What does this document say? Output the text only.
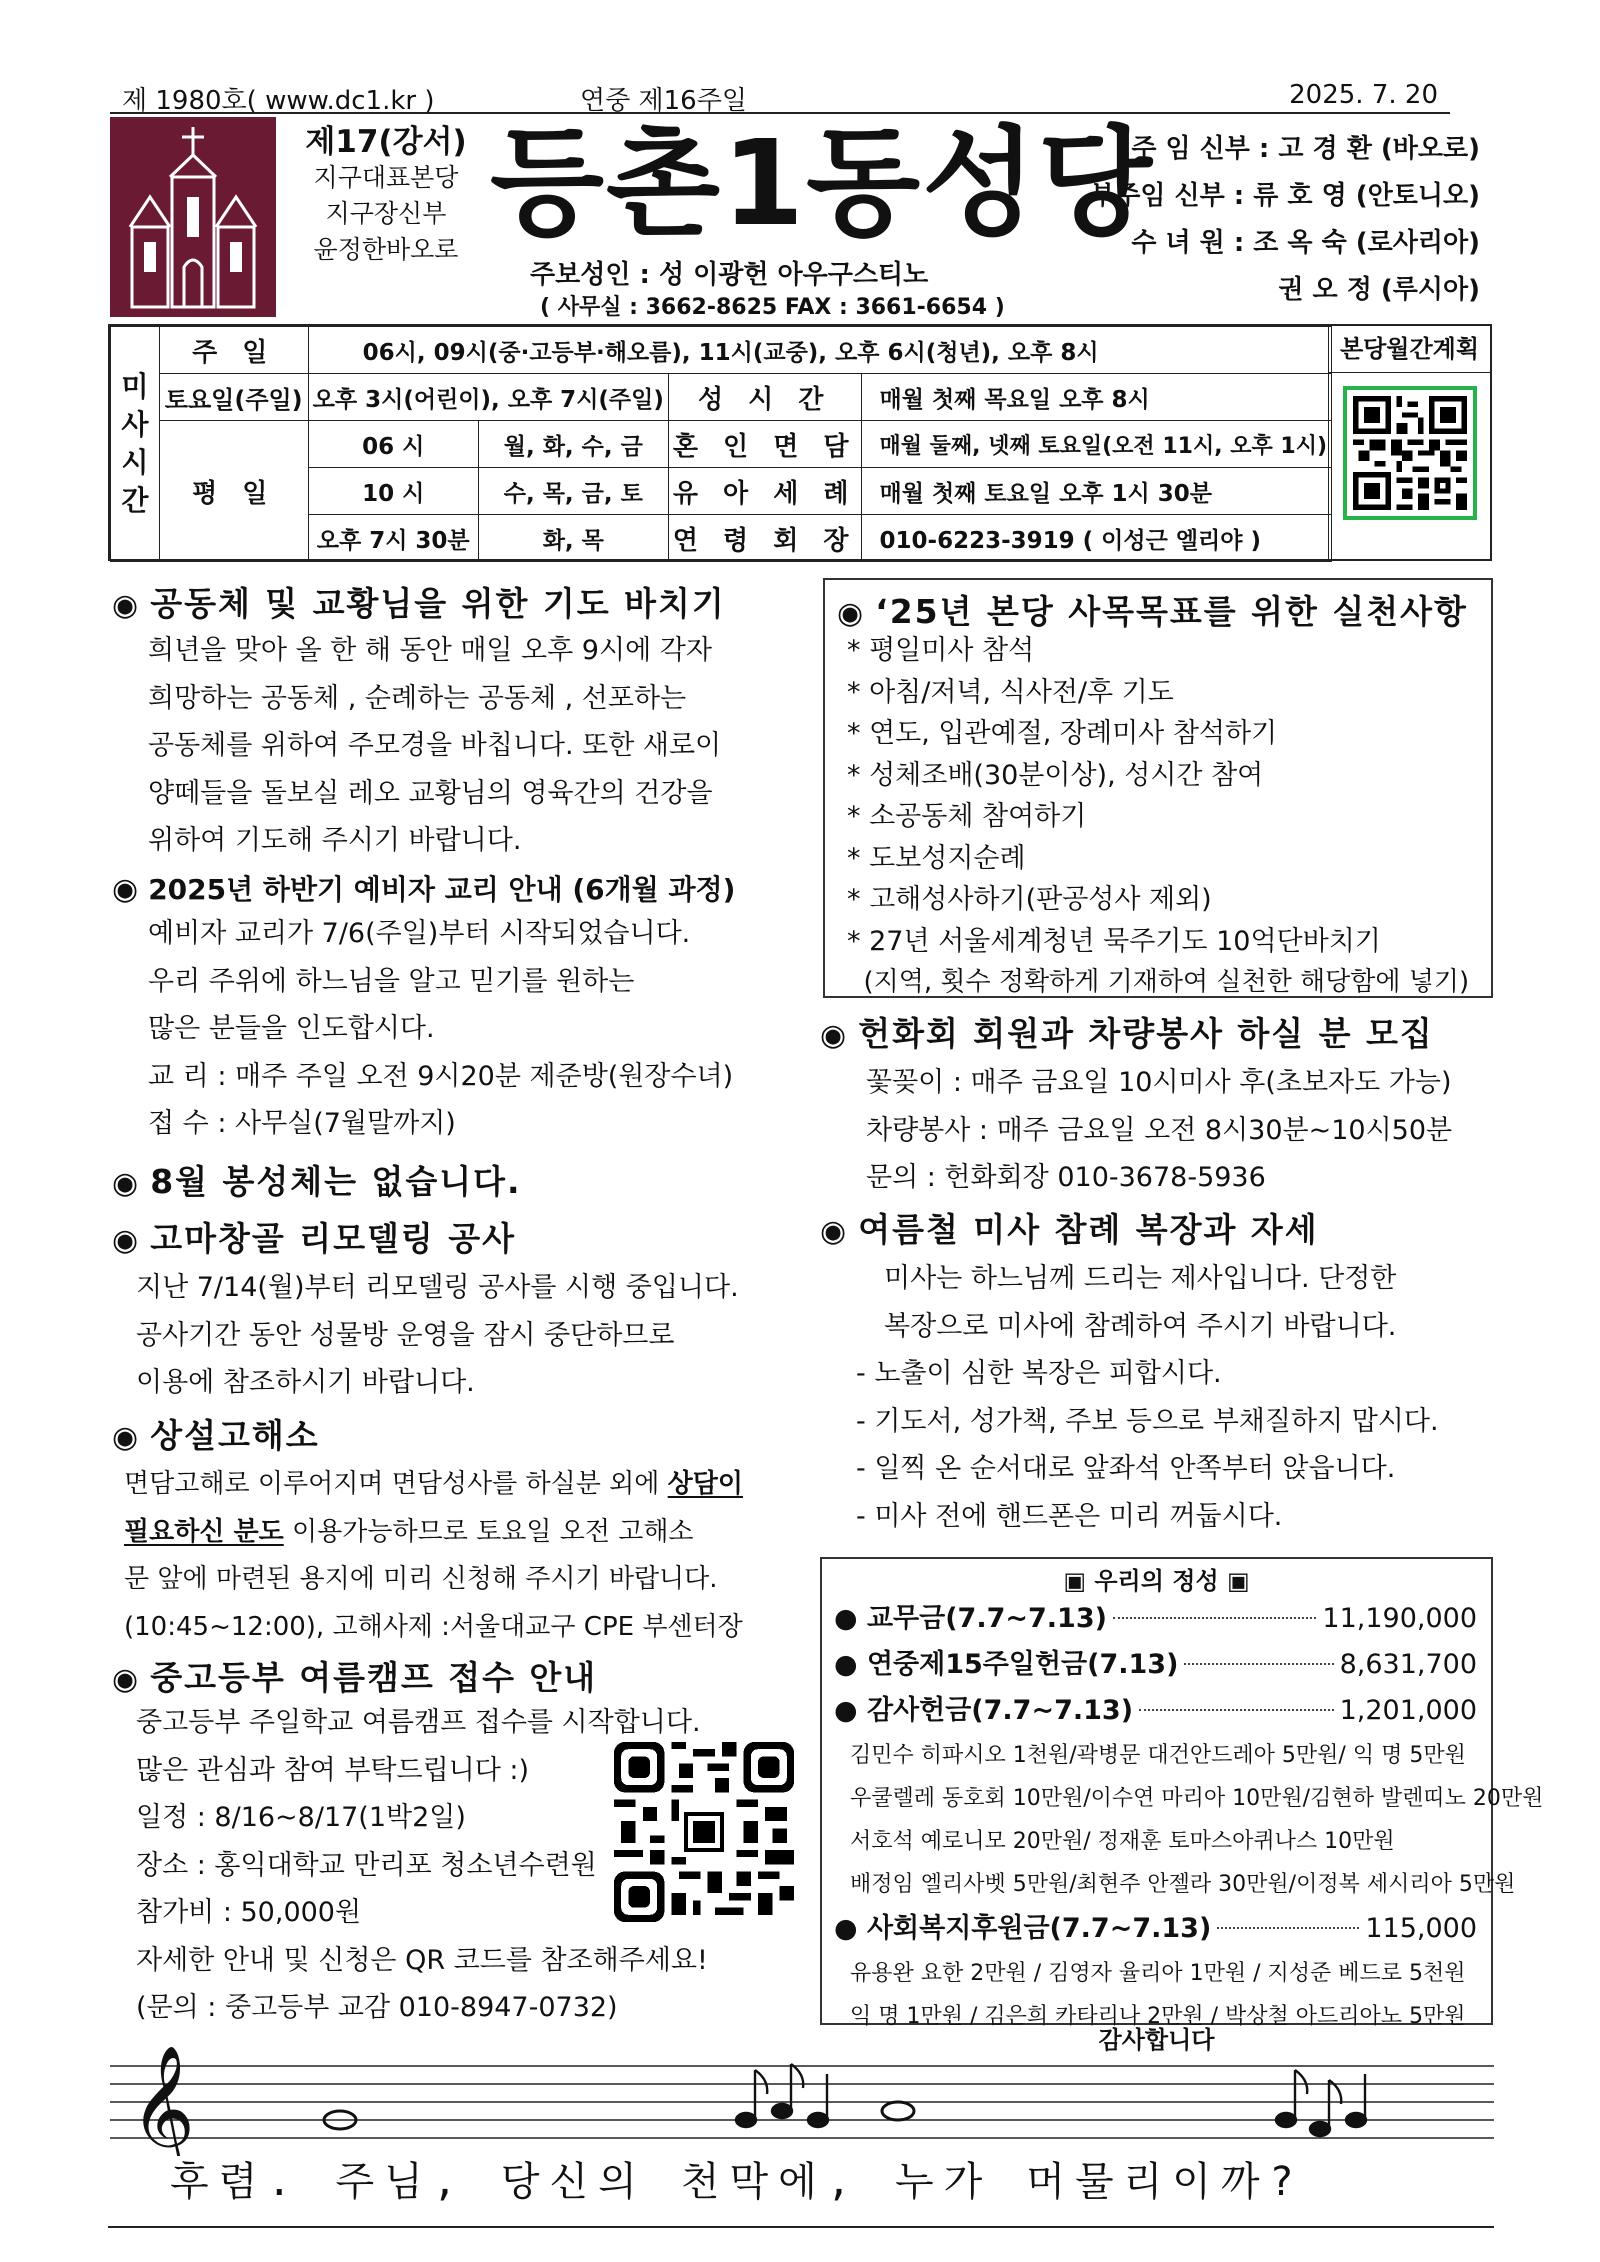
제 1980호( www.dc1.kr )	연중 제16주일	2025. 7. 20
제17(강서)
지구대표본당
지구장신부
윤정한바오로 등촌1동성당
주보성인 : 성 이광헌 아우구스티노
( 사무실 : 3662-8625 FAX : 3661-6654 )
주 임 신부 : 고 경 환 (바오로)
부주임 신부 : 류 호 영 (안토니오)
수 녀 원 : 조 옥 숙 (로사리아)
권 오 정 (루시아)
미
사
시
간	주 일	06시, 09시(중·고등부·해오름), 11시(교중), 오후 6시(청년), 오후 8시			
	토요일(주일)	오후 3시(어린이), 오후 7시(주일)		성 시 간	매월 첫째 목요일 오후 8시
	평 일	06 시	월, 화, 수, 금	혼 인 면 담	매월 둘째, 넷째 토요일(오전 11시, 오후 1시)
		10 시	수, 목, 금, 토	유 아 세 례	매월 첫째 토요일 오후 1시 30분
		오후 7시 30분	화, 목	연 령 회 장	010-6223-3919 ( 이성근 엘리야 )
본당월간계획
◉ 공동체 및 교황님을 위한 기도 바치기
희년을 맞아 올 한 해 동안 매일 오후 9시에 각자
희망하는 공동체 , 순례하는 공동체 , 선포하는
공동체를 위하여 주모경을 바칩니다. 또한 새로이
양떼들을 돌보실 레오 교황님의 영육간의 건강을
위하여 기도해 주시기 바랍니다.
◉ 2025년 하반기 예비자 교리 안내 (6개월 과정)
예비자 교리가 7/6(주일)부터 시작되었습니다.
우리 주위에 하느님을 알고 믿기를 원하는
많은 분들을 인도합시다.
교 리 : 매주 주일 오전 9시20분 제준방(원장수녀)
접 수 : 사무실(7월말까지)
◉ 8월 봉성체는 없습니다.
◉ 고마창골 리모델링 공사
지난 7/14(월)부터 리모델링 공사를 시행 중입니다.
공사기간 동안 성물방 운영을 잠시 중단하므로
이용에 참조하시기 바랍니다.
◉ 상설고해소
면담고해로 이루어지며 면담성사를 하실분 외에 상담이
필요하신 분도 이용가능하므로 토요일 오전 고해소
문 앞에 마련된 용지에 미리 신청해 주시기 바랍니다.
(10:45~12:00), 고해사제 :서울대교구 CPE 부센터장
◉ 중고등부 여름캠프 접수 안내
중고등부 주일학교 여름캠프 접수를 시작합니다.
많은 관심과 참여 부탁드립니다 :)
일정 : 8/16~8/17(1박2일)
장소 : 홍익대학교 만리포 청소년수련원
참가비 : 50,000원
자세한 안내 및 신청은 QR 코드를 참조해주세요!
(문의 : 중고등부 교감 010-8947-0732)
◉ ‘25년 본당 사목목표를 위한 실천사항
* 평일미사 참석
* 아침/저녁, 식사전/후 기도
* 연도, 입관예절, 장례미사 참석하기
* 성체조배(30분이상), 성시간 참여
* 소공동체 참여하기
* 도보성지순례
* 고해성사하기(판공성사 제외)
* 27년 서울세계청년 묵주기도 10억단바치기
(지역, 횟수 정확하게 기재하여 실천한 해당함에 넣기)
◉ 헌화회 회원과 차량봉사 하실 분 모집
꽃꽂이 : 매주 금요일 10시미사 후(초보자도 가능)
차량봉사 : 매주 금요일 오전 8시30분~10시50분
문의 : 헌화회장 010-3678-5936
◉ 여름철 미사 참례 복장과 자세
미사는 하느님께 드리는 제사입니다. 단정한
복장으로 미사에 참례하여 주시기 바랍니다.
- 노출이 심한 복장은 피합시다.
- 기도서, 성가책, 주보 등으로 부채질하지 맙시다.
- 일찍 온 순서대로 앞좌석 안쪽부터 앉읍니다.
- 미사 전에 핸드폰은 미리 꺼둡시다.
▣ 우리의 정성 ▣
● 교무금(7.7~7.13)	11,190,000
● 연중제15주일헌금(7.13)	8,631,700
● 감사헌금(7.7~7.13)	1,201,000
김민수 히파시오 1천원/곽병문 대건안드레아 5만원/ 익 명 5만원
우쿨렐레 동호회 10만원/이수연 마리아 10만원/김현하 발렌띠노 20만원
서호석 예로니모 20만원/ 정재훈 토마스아퀴나스 10만원
배정임 엘리사벳 5만원/최현주 안젤라 30만원/이정복 세시리아 5만원
● 사회복지후원금(7.7~7.13)	115,000
유용완 요한 2만원 / 김영자 율리아 1만원 / 지성준 베드로 5천원
익 명 1만원 / 김은희 카타리나 2만원 / 박상철 아드리아노 5만원
감사합니다
𝄞
후렴. 주님, 당신의 천막에, 누가 머물리이까?
